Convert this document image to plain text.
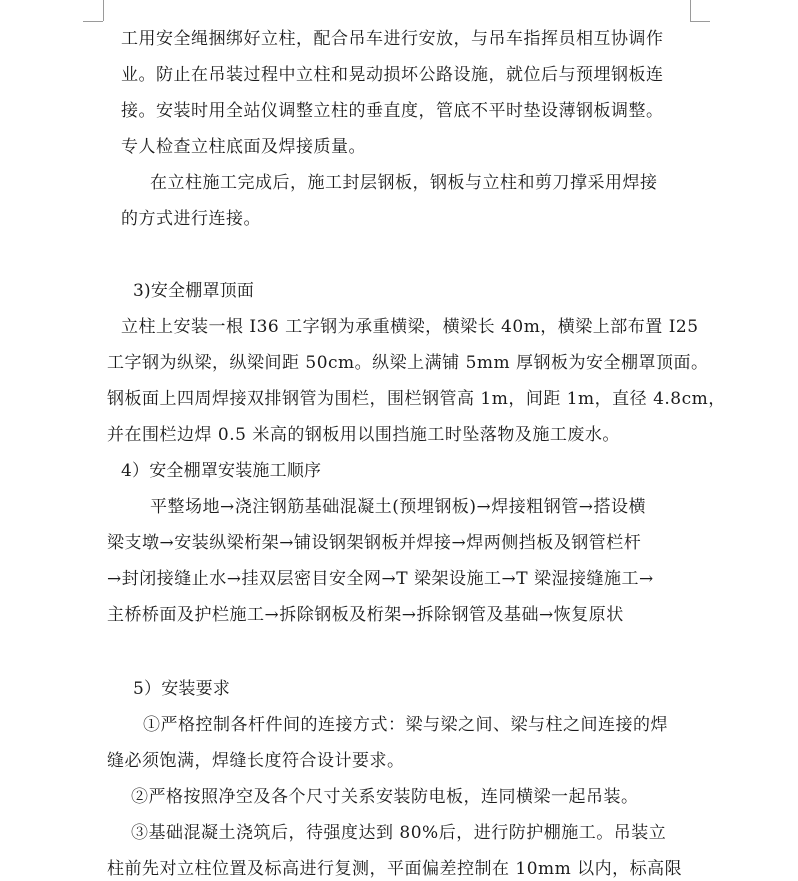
工用安全绳捆绑好立柱，配合吊车进行安放，与吊车指挥员相互协调作
业。防止在吊装过程中立柱和晃动损坏公路设施，就位后与预埋钢板连
接。安装时用全站仪调整立柱的垂直度，管底不平时垫设薄钢板调整。
专人检查立柱底面及焊接质量。
在立柱施工完成后，施工封层钢板，钢板与立柱和剪刀撑采用焊接
的方式进行连接。
3)安全棚罩顶面
立柱上安装一根 I36 工字钢为承重横梁，横梁长 40m，横梁上部布置 I25
工字钢为纵梁，纵梁间距 50cm。纵梁上满铺 5mm 厚钢板为安全棚罩顶面。
钢板面上四周焊接双排钢管为围栏，围栏钢管高 1m，间距 1m，直径 4.8cm，
并在围栏边焊 0.5 米高的钢板用以围挡施工时坠落物及施工废水。
4）安全棚罩安装施工顺序
平整场地→浇注钢筋基础混凝土(预埋钢板)→焊接粗钢管→搭设横
梁支墩→安装纵梁桁架→铺设钢架钢板并焊接→焊两侧挡板及钢管栏杆
→封闭接缝止水→挂双层密目安全网→T 梁架设施工→T 梁湿接缝施工→
主桥桥面及护栏施工→拆除钢板及桁架→拆除钢管及基础→恢复原状
5）安装要求
①严格控制各杆件间的连接方式：梁与梁之间、梁与柱之间连接的焊
缝必须饱满，焊缝长度符合设计要求。
②严格按照净空及各个尺寸关系安装防电板，连同横梁一起吊装。
③基础混凝土浇筑后，待强度达到 80%后，进行防护棚施工。吊装立
柱前先对立柱位置及标高进行复测，平面偏差控制在 10mm 以内，标高限
